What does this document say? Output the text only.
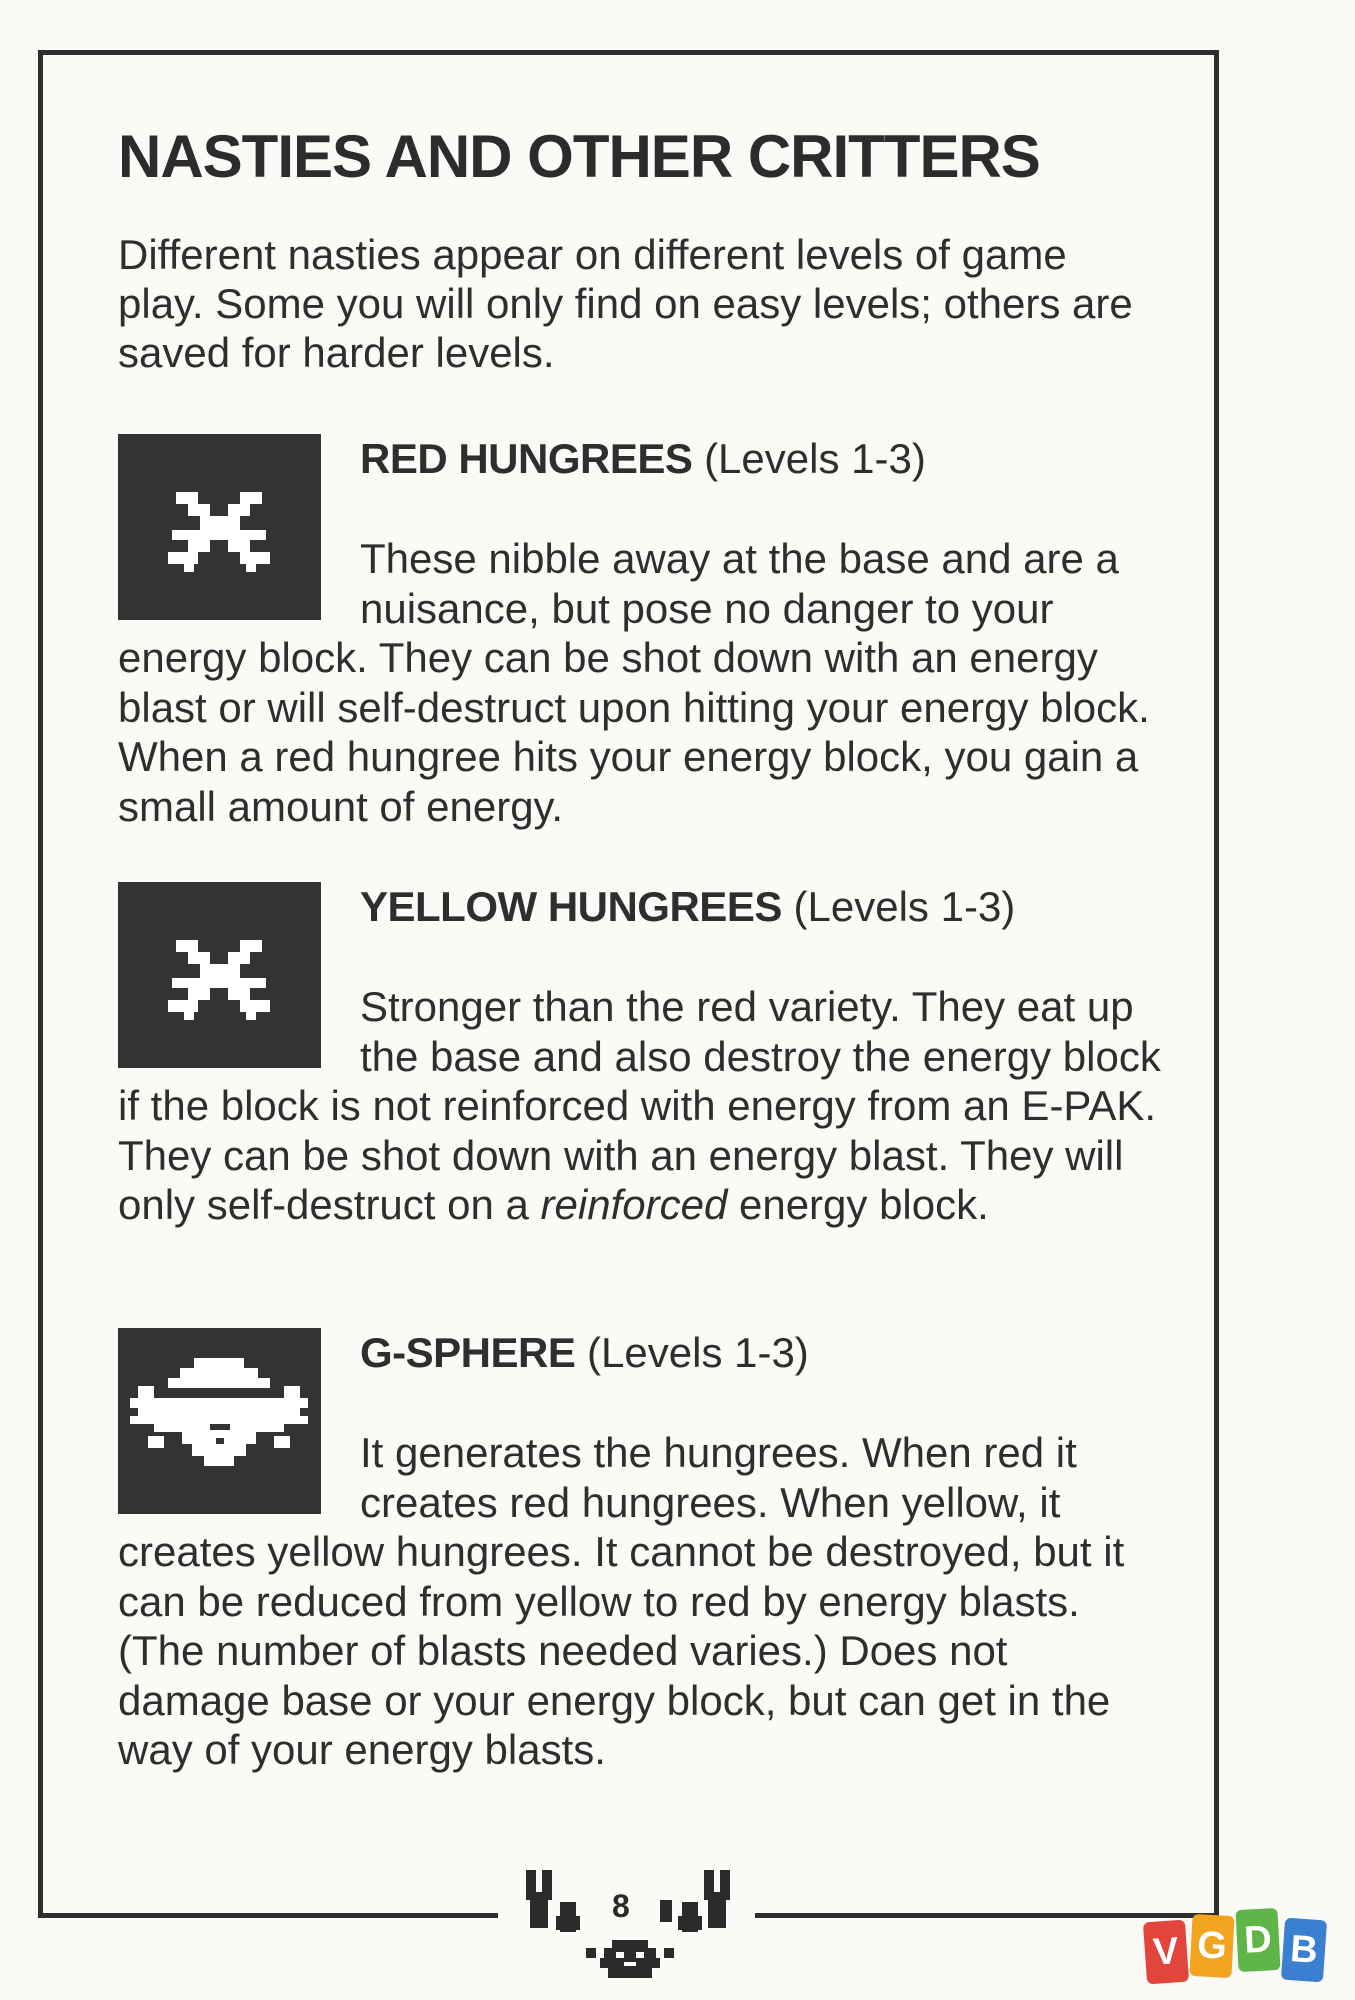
NASTIES AND OTHER CRITTERS

Different nasties appear on different levels of game play. Some you will only find on easy levels; others are saved for harder levels.

RED HUNGREES (Levels 1-3)

These nibble away at the base and are a nuisance, but pose no danger to your energy block. They can be shot down with an energy blast or will self-destruct upon hitting your energy block. When a red hungree hits your energy block, you gain a small amount of energy.

YELLOW HUNGREES (Levels 1-3)

Stronger than the red variety. They eat up the base and also destroy the energy block if the block is not reinforced with energy from an E-PAK. They can be shot down with an energy blast. They will only self-destruct on a reinforced energy block.

G-SPHERE (Levels 1-3)

It generates the hungrees. When red it creates red hungrees. When yellow, it creates yellow hungrees. It cannot be destroyed, but it can be reduced from yellow to red by energy blasts. (The number of blasts needed varies.) Does not damage base or your energy block, but can get in the way of your energy blasts.

8
V G D B
